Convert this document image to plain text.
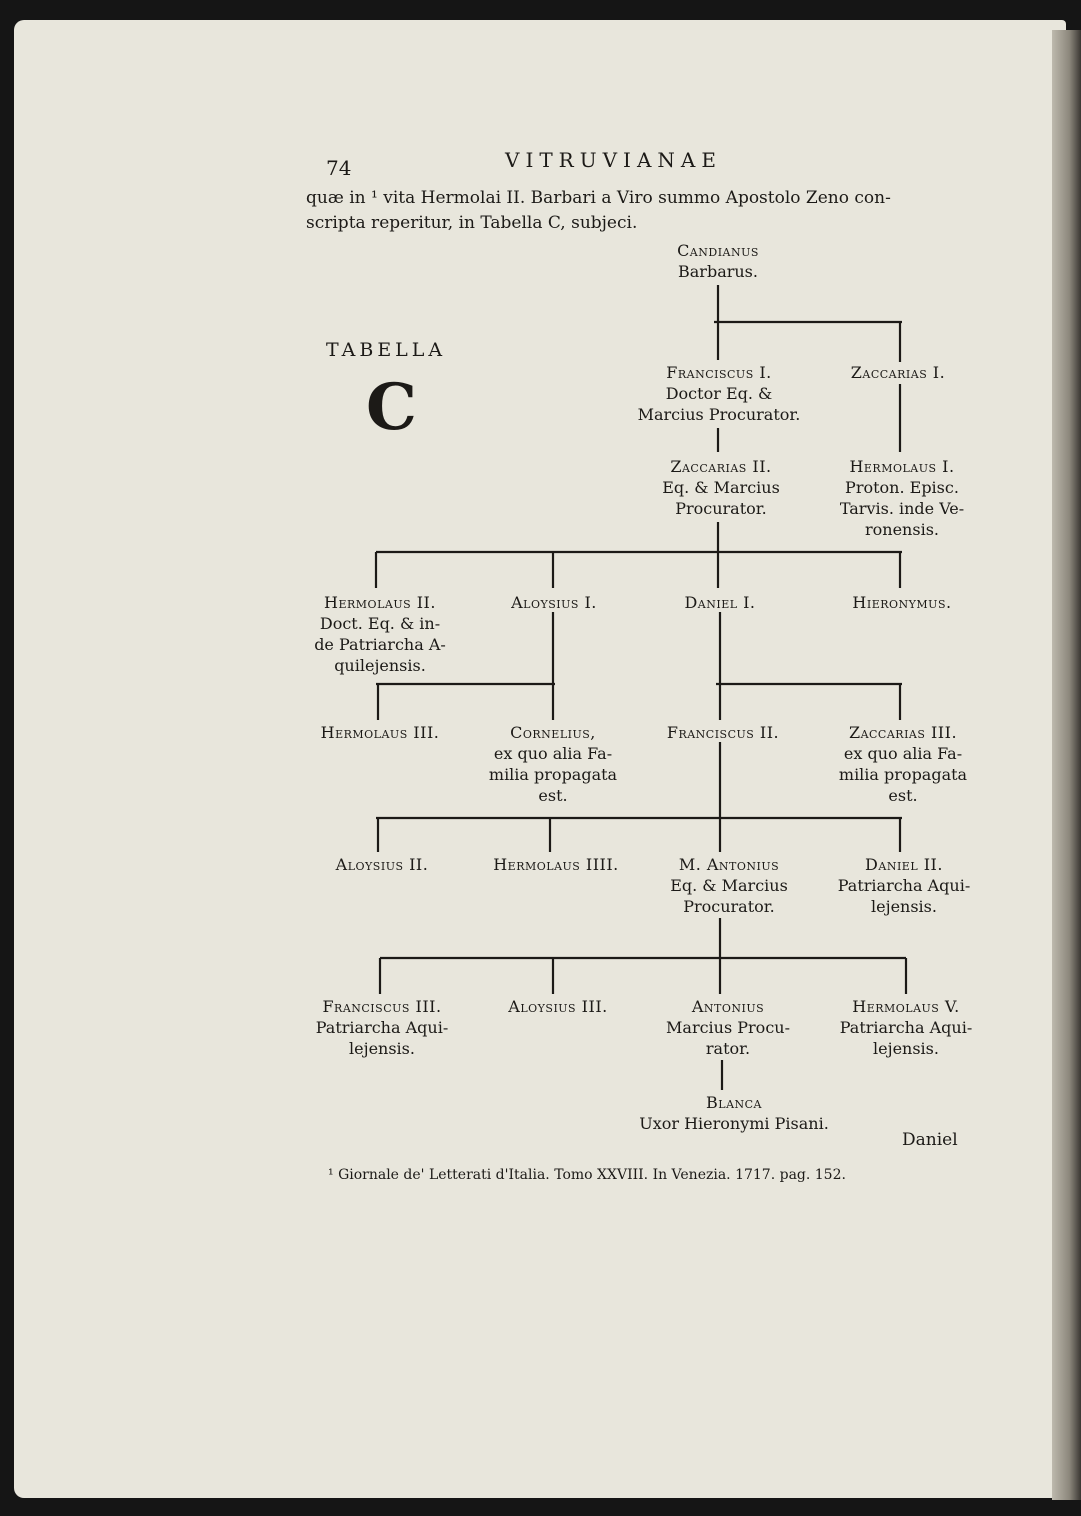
74	VITRUVIANAE
quæ in ¹ vita Hermolai II. Barbari a Viro summo Apostolo Zeno con-
scripta reperitur, in Tabella C, subjeci.
TABELLA
C
Candianus
Barbarus.
Franciscus I.
Doctor Eq. &
Marcius Procurator.
Zaccarias I.
Zaccarias II.
Eq. & Marcius
Procurator.
Hermolaus I.
Proton. Episc.
Tarvis. inde Ve-
ronensis.
Hermolaus II.
Doct. Eq. & in-
de Patriarcha A-
quilejensis.
Aloysius I.	Daniel I.	Hieronymus.
Hermolaus III.	Cornelius,
ex quo alia Fa-
milia propagata
est.
Franciscus II.	Zaccarias III.
ex quo alia Fa-
milia propagata
est.
Aloysius II.	Hermolaus IIII.	M. Antonius
Eq. & Marcius
Procurator.
Daniel II.
Patriarcha Aqui-
lejensis.
Franciscus III.
Patriarcha Aqui-
lejensis.
Aloysius III.	Antonius
Marcius Procu-
rator.
Hermolaus V.
Patriarcha Aqui-
lejensis.
Blanca
Uxor Hieronymi Pisani.
Daniel
¹ Giornale de' Letterati d'Italia. Tomo XXVIII. In Venezia. 1717. pag. 152.
